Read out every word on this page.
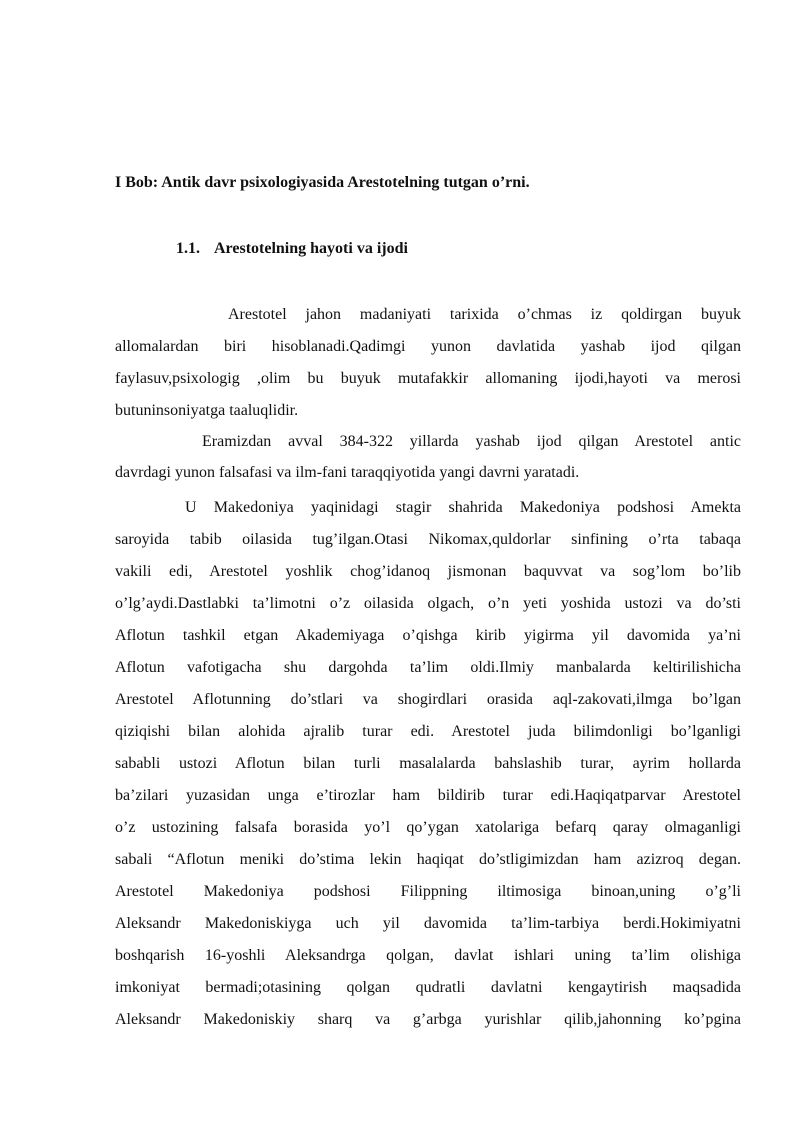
I Bob: Antik davr psixologiyasida Arestotelning tutgan o’rni.
1.1. Arestotelning hayoti va ijodi
Arestotel jahon madaniyati tarixida o’chmas iz qoldirgan buyuk
allomalardan biri hisoblanadi.Qadimgi yunon davlatida yashab ijod qilgan
faylasuv,psixologig ,olim bu buyuk mutafakkir allomaning ijodi,hayoti va merosi
butuninsoniyatga taaluqlidir.
Eramizdan avval 384-322 yillarda yashab ijod qilgan Arestotel antic
davrdagi yunon falsafasi va ilm-fani taraqqiyotida yangi davrni yaratadi.
U Makedoniya yaqinidagi stagir shahrida Makedoniya podshosi Amekta
saroyida tabib oilasida tug’ilgan.Otasi Nikomax,quldorlar sinfining o’rta tabaqa
vakili edi, Arestotel yoshlik chog’idanoq jismonan baquvvat va sog’lom bo’lib
o’lg’aydi.Dastlabki ta’limotni o’z oilasida olgach, o’n yeti yoshida ustozi va do’sti
Aflotun tashkil etgan Akademiyaga o’qishga kirib yigirma yil davomida ya’ni
Aflotun vafotigacha shu dargohda ta’lim oldi.Ilmiy manbalarda keltirilishicha
Arestotel Aflotunning do’stlari va shogirdlari orasida aql-zakovati,ilmga bo’lgan
qiziqishi bilan alohida ajralib turar edi. Arestotel juda bilimdonligi bo’lganligi
sababli ustozi Aflotun bilan turli masalalarda bahslashib turar, ayrim hollarda
ba’zilari yuzasidan unga e’tirozlar ham bildirib turar edi.Haqiqatparvar Arestotel
o’z ustozining falsafa borasida yo’l qo’ygan xatolariga befarq qaray olmaganligi
sabali “Aflotun meniki do’stima lekin haqiqat do’stligimizdan ham azizroq degan.
Arestotel Makedoniya podshosi Filippning iltimosiga binoan,uning o’g’li
Aleksandr Makedoniskiyga uch yil davomida ta’lim-tarbiya berdi.Hokimiyatni
boshqarish 16-yoshli Aleksandrga qolgan, davlat ishlari uning ta’lim olishiga
imkoniyat bermadi;otasining qolgan qudratli davlatni kengaytirish maqsadida
Aleksandr Makedoniskiy sharq va g’arbga yurishlar qilib,jahonning ko’pgina
